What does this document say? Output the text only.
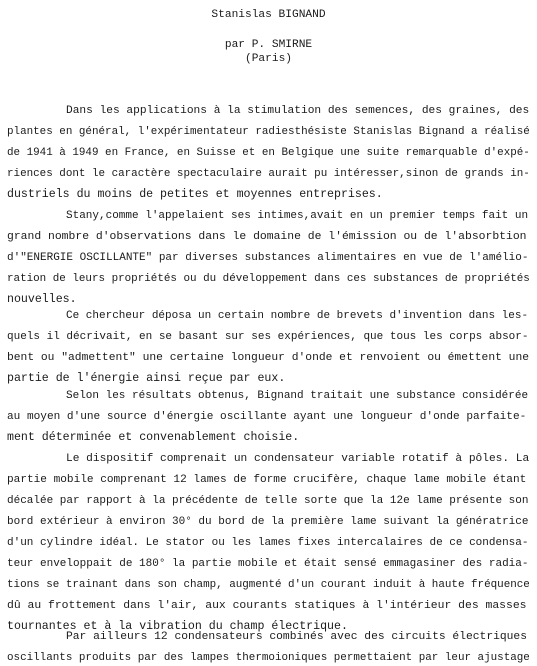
Stanislas BIGNAND
par P. SMIRNE
(Paris)
Dans les applications à la stimulation des semences, des graines, des
plantes en général, l'expérimentateur radiesthésiste Stanislas Bignand a réalisé
de 1941 à 1949 en France, en Suisse et en Belgique une suite remarquable d'expé-
riences dont le caractère spectaculaire aurait pu intéresser,sinon de grands in-
dustriels du moins de petites et moyennes entreprises.
Stany,comme l'appelaient ses intimes,avait en un premier temps fait un
grand nombre d'observations dans le domaine de l'émission ou de l'absorbtion
d'"ENERGIE OSCILLANTE" par diverses substances alimentaires en vue de l'amélio-
ration de leurs propriétés ou du développement dans ces substances de propriétés
nouvelles.
Ce chercheur déposa un certain nombre de brevets d'invention dans les-
quels il décrivait, en se basant sur ses expériences, que tous les corps absor-
bent ou "admettent" une certaine longueur d'onde et renvoient ou émettent une
partie de l'énergie ainsi reçue par eux.
Selon les résultats obtenus, Bignand traitait une substance considérée
au moyen d'une source d'énergie oscillante ayant une longueur d'onde parfaite-
ment déterminée et convenablement choisie.
Le dispositif comprenait un condensateur variable rotatif à pôles. La
partie mobile comprenant 12 lames de forme crucifère, chaque lame mobile étant
décalée par rapport à la précédente de telle sorte que la 12e lame présente son
bord extérieur à environ 30° du bord de la première lame suivant la génératrice
d'un cylindre idéal. Le stator ou les lames fixes intercalaires de ce condensa-
teur enveloppait de 180° la partie mobile et était sensé emmagasiner des radia-
tions se trainant dans son champ, augmenté d'un courant induit à haute fréquence
dû au frottement dans l'air, aux courants statiques à l'intérieur des masses
tournantes et à la vibration du champ électrique.
Par ailleurs 12 condensateurs combinés avec des circuits électriques
oscillants produits par des lampes thermoioniques permettaient par leur ajustage
